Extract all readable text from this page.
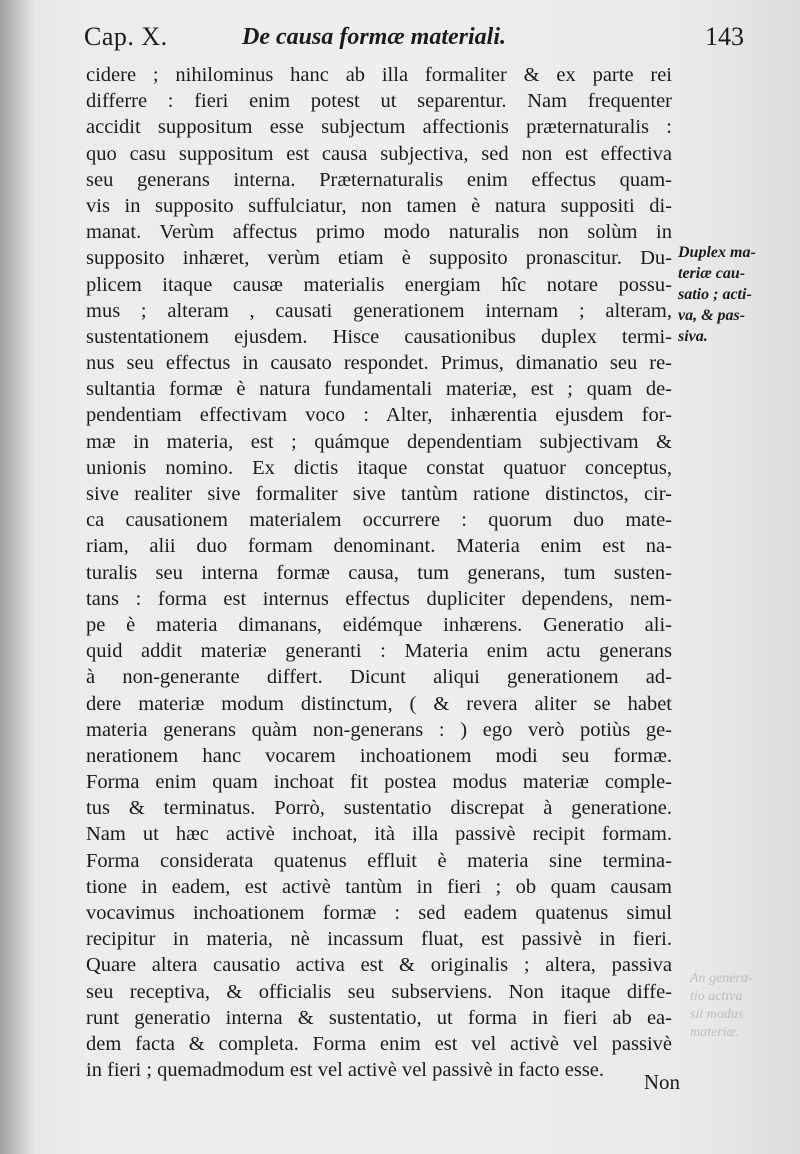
Cap. X.	De causa formæ materiali.	143
cidere ; nihilominus hanc ab illa formaliter & ex parte rei
differre : fieri enim potest ut separentur. Nam frequenter
accidit suppositum esse subjectum affectionis præternaturalis :
quo casu suppositum est causa subjectiva, sed non est effectiva
seu generans interna. Præternaturalis enim effectus quam-
vis in supposito suffulciatur, non tamen è natura suppositi di-
manat. Verùm affectus primo modo naturalis non solùm in
supposito inhæret, verùm etiam è supposito pronascitur. Du-
plicem itaque causæ materialis energiam hîc notare possu-
mus ; alteram , causati generationem internam ; alteram,
sustentationem ejusdem. Hisce causationibus duplex termi-
nus seu effectus in causato respondet. Primus, dimanatio seu re-
sultantia formæ è natura fundamentali materiæ, est ; quam de-
pendentiam effectivam voco : Alter, inhærentia ejusdem for-
mæ in materia, est ; quámque dependentiam subjectivam &
unionis nomino. Ex dictis itaque constat quatuor conceptus,
sive realiter sive formaliter sive tantùm ratione distinctos, cir-
ca causationem materialem occurrere : quorum duo mate-
riam, alii duo formam denominant. Materia enim est na-
turalis seu interna formæ causa, tum generans, tum susten-
tans : forma est internus effectus dupliciter dependens, nem-
pe è materia dimanans, eidémque inhærens. Generatio ali-
quid addit materiæ generanti : Materia enim actu generans
à non-generante differt. Dicunt aliqui generationem ad-
dere materiæ modum distinctum, ( & revera aliter se habet
materia generans quàm non-generans : ) ego verò potiùs ge-
nerationem hanc vocarem inchoationem modi seu formæ.
Forma enim quam inchoat fit postea modus materiæ comple-
tus & terminatus. Porrò, sustentatio discrepat à generatione.
Nam ut hæc activè inchoat, ità illa passivè recipit formam.
Forma considerata quatenus effluit è materia sine termina-
tione in eadem, est activè tantùm in fieri ; ob quam causam
vocavimus inchoationem formæ : sed eadem quatenus simul
recipitur in materia, nè incassum fluat, est passivè in fieri.
Quare altera causatio activa est & originalis ; altera, passiva
seu receptiva, & officialis seu subserviens. Non itaque diffe-
runt generatio interna & sustentatio, ut forma in fieri ab ea-
dem facta & completa. Forma enim est vel activè vel passivè
in fieri ; quemadmodum est vel activè vel passivè in facto esse.
Duplex ma-
teriæ cau-
satio ; acti-
va, & pas-
siva.
An genera-
tio activa
sit modus
materiæ.
Non
